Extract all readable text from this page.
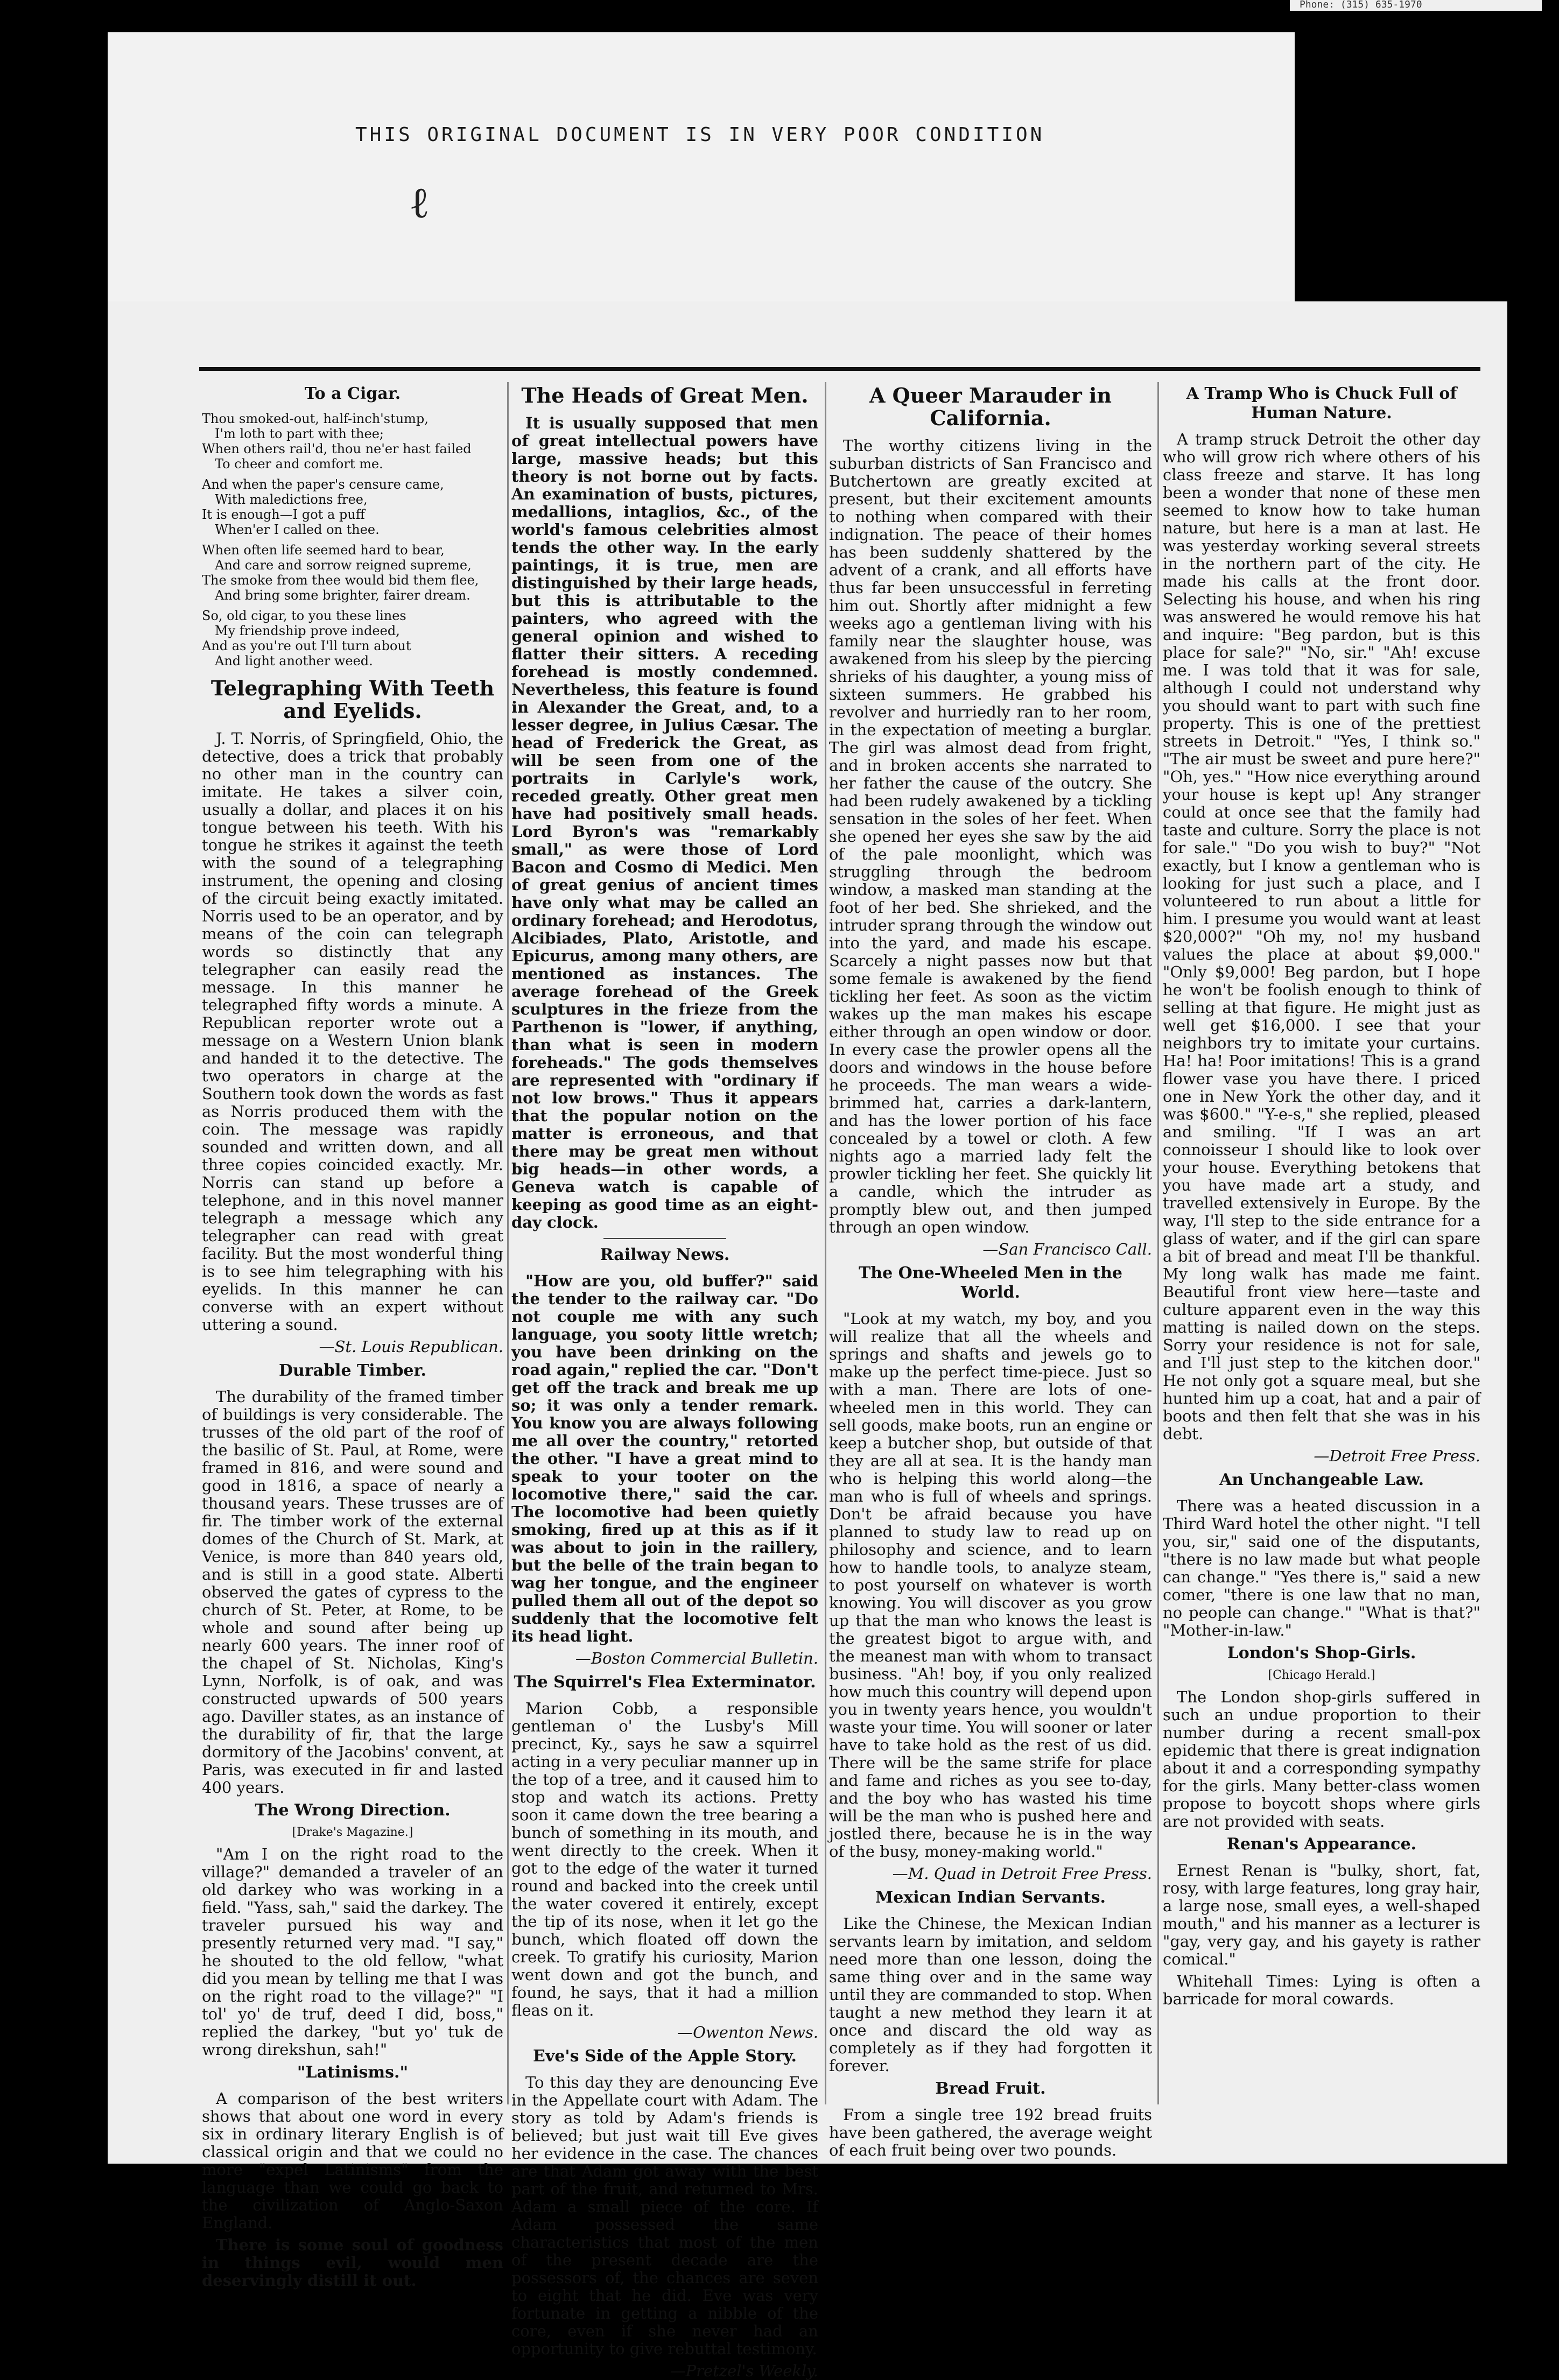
Phone: (315) 635-1970
THIS ORIGINAL DOCUMENT IS IN VERY POOR CONDITION
ℓ
To a Cigar.
Thou smoked-out, half-inch'stump,
I'm loth to part with thee;
When others rail'd, thou ne'er hast failed
To cheer and comfort me.
And when the paper's censure came,
With maledictions free,
It is enough—I got a puff
When'er I called on thee.
When often life seemed hard to bear,
And care and sorrow reigned supreme,
The smoke from thee would bid them flee,
And bring some brighter, fairer dream.
So, old cigar, to you these lines
My friendship prove indeed,
And as you're out I'll turn about
And light another weed.
Telegraphing With Teeth and Eyelids.

J. T. Norris, of Springfield, Ohio, the detective, does a trick that probably no other man in the country can imitate. He takes a silver coin, usually a dollar, and places it on his tongue between his teeth. With his tongue he strikes it against the teeth with the sound of a telegraphing instrument, the opening and closing of the circuit being exactly imitated. Norris used to be an operator, and by means of the coin can telegraph words so distinctly that any telegrapher can easily read the message. In this manner he telegraphed fifty words a minute. A Republican reporter wrote out a message on a Western Union blank and handed it to the detective. The two operators in charge at the Southern took down the words as fast as Norris produced them with the coin. The message was rapidly sounded and written down, and all three copies coincided exactly. Mr. Norris can stand up before a telephone, and in this novel manner telegraph a message which any telegrapher can read with great facility. But the most wonderful thing is to see him telegraphing with his eyelids. In this manner he can converse with an expert without uttering a sound.

—St. Louis Republican.
Durable Timber.

The durability of the framed timber of buildings is very considerable. The trusses of the old part of the roof of the basilic of St. Paul, at Rome, were framed in 816, and were sound and good in 1816, a space of nearly a thousand years. These trusses are of fir. The timber work of the external domes of the Church of St. Mark, at Venice, is more than 840 years old, and is still in a good state. Alberti observed the gates of cypress to the church of St. Peter, at Rome, to be whole and sound after being up nearly 600 years. The inner roof of the chapel of St. Nicholas, King's Lynn, Norfolk, is of oak, and was constructed upwards of 500 years ago. Daviller states, as an instance of the durability of fir, that the large dormitory of the Jacobins' convent, at Paris, was executed in fir and lasted 400 years.

The Wrong Direction.
[Drake's Magazine.]

"Am I on the right road to the village?" demanded a traveler of an old darkey who was working in a field. "Yass, sah," said the darkey. The traveler pursued his way and presently returned very mad. "I say," he shouted to the old fellow, "what did you mean by telling me that I was on the right road to the village?" "I tol' yo' de truf, deed I did, boss," replied the darkey, "but yo' tuk de wrong direkshun, sah!"

"Latinisms."

A comparison of the best writers shows that about one word in every six in ordinary literary English is of classical origin and that we could no more "expel Latinisms" from the language than we could go back to the civilization of Anglo-Saxon England.

There is some soul of goodness in things evil, would men deservingly distill it out.

The Heads of Great Men.

It is usually supposed that men of great intellectual powers have large, massive heads; but this theory is not borne out by facts. An examination of busts, pictures, medallions, intaglios, &c., of the world's famous celebrities almost tends the other way. In the early paintings, it is true, men are distinguished by their large heads, but this is attributable to the painters, who agreed with the general opinion and wished to flatter their sitters. A receding forehead is mostly condemned. Nevertheless, this feature is found in Alexander the Great, and, to a lesser degree, in Julius Cæsar. The head of Frederick the Great, as will be seen from one of the portraits in Carlyle's work, receded greatly. Other great men have had positively small heads. Lord Byron's was "remarkably small," as were those of Lord Bacon and Cosmo di Medici. Men of great genius of ancient times have only what may be called an ordinary forehead; and Herodotus, Alcibiades, Plato, Aristotle, and Epicurus, among many others, are mentioned as instances. The average forehead of the Greek sculptures in the frieze from the Parthenon is "lower, if anything, than what is seen in modern foreheads." The gods themselves are represented with "ordinary if not low brows." Thus it appears that the popular notion on the matter is erroneous, and that there may be great men without big heads—in other words, a Geneva watch is capable of keeping as good time as an eight-day clock.

Railway News.

"How are you, old buffer?" said the tender to the railway car. "Do not couple me with any such language, you sooty little wretch; you have been drinking on the road again," replied the car. "Don't get off the track and break me up so; it was only a tender remark. You know you are always following me all over the country," retorted the other. "I have a great mind to speak to your tooter on the locomotive there," said the car. The locomotive had been quietly smoking, fired up at this as if it was about to join in the raillery, but the belle of the train began to wag her tongue, and the engineer pulled them all out of the depot so suddenly that the locomotive felt its head light.

—Boston Commercial Bulletin.
The Squirrel's Flea Exterminator.

Marion Cobb, a responsible gentleman o' the Lusby's Mill precinct, Ky., says he saw a squirrel acting in a very peculiar manner up in the top of a tree, and it caused him to stop and watch its actions. Pretty soon it came down the tree bearing a bunch of something in its mouth, and went directly to the creek. When it got to the edge of the water it turned round and backed into the creek until the water covered it entirely, except the tip of its nose, when it let go the bunch, which floated off down the creek. To gratify his curiosity, Marion went down and got the bunch, and found, he says, that it had a million fleas on it.

—Owenton News.
Eve's Side of the Apple Story.

To this day they are denouncing Eve in the Appellate court with Adam. The story as told by Adam's friends is believed; but just wait till Eve gives her evidence in the case. The chances are that Adam got away with the best part of the fruit, and returned to Mrs. Adam a small piece of the core. If Adam possessed the same characteristics that most of the men of the present decade are the possessors of, the chances are seven to eight that he did. Eve was very fortunate in getting a nibble of the core, even if she never had an opportunity to give rebuttal testimony.

—Pretzel's Weekly.
A Queer Marauder in California.

The worthy citizens living in the suburban districts of San Francisco and Butchertown are greatly excited at present, but their excitement amounts to nothing when compared with their indignation. The peace of their homes has been suddenly shattered by the advent of a crank, and all efforts have thus far been unsuccessful in ferreting him out. Shortly after midnight a few weeks ago a gentleman living with his family near the slaughter house, was awakened from his sleep by the piercing shrieks of his daughter, a young miss of sixteen summers. He grabbed his revolver and hurriedly ran to her room, in the expectation of meeting a burglar. The girl was almost dead from fright, and in broken accents she narrated to her father the cause of the outcry. She had been rudely awakened by a tickling sensation in the soles of her feet. When she opened her eyes she saw by the aid of the pale moonlight, which was struggling through the bedroom window, a masked man standing at the foot of her bed. She shrieked, and the intruder sprang through the window out into the yard, and made his escape. Scarcely a night passes now but that some female is awakened by the fiend tickling her feet. As soon as the victim wakes up the man makes his escape either through an open window or door. In every case the prowler opens all the doors and windows in the house before he proceeds. The man wears a wide-brimmed hat, carries a dark-lantern, and has the lower portion of his face concealed by a towel or cloth. A few nights ago a married lady felt the prowler tickling her feet. She quickly lit a candle, which the intruder as promptly blew out, and then jumped through an open window.

—San Francisco Call.
The One-Wheeled Men in the World.

"Look at my watch, my boy, and you will realize that all the wheels and springs and shafts and jewels go to make up the perfect time-piece. Just so with a man. There are lots of one-wheeled men in this world. They can sell goods, make boots, run an engine or keep a butcher shop, but outside of that they are all at sea. It is the handy man who is helping this world along—the man who is full of wheels and springs. Don't be afraid because you have planned to study law to read up on philosophy and science, and to learn how to handle tools, to analyze steam, to post yourself on whatever is worth knowing. You will discover as you grow up that the man who knows the least is the greatest bigot to argue with, and the meanest man with whom to transact business. "Ah! boy, if you only realized how much this country will depend upon you in twenty years hence, you wouldn't waste your time. You will sooner or later have to take hold as the rest of us did. There will be the same strife for place and fame and riches as you see to-day, and the boy who has wasted his time will be the man who is pushed here and jostled there, because he is in the way of the busy, money-making world."

—M. Quad in Detroit Free Press.
Mexican Indian Servants.

Like the Chinese, the Mexican Indian servants learn by imitation, and seldom need more than one lesson, doing the same thing over and in the same way until they are commanded to stop. When taught a new method they learn it at once and discard the old way as completely as if they had forgotten it forever.

Bread Fruit.

From a single tree 192 bread fruits have been gathered, the average weight of each fruit being over two pounds.

A Tramp Who is Chuck Full of Human Nature.

A tramp struck Detroit the other day who will grow rich where others of his class freeze and starve. It has long been a wonder that none of these men seemed to know how to take human nature, but here is a man at last. He was yesterday working several streets in the northern part of the city. He made his calls at the front door. Selecting his house, and when his ring was answered he would remove his hat and inquire: "Beg pardon, but is this place for sale?" "No, sir." "Ah! excuse me. I was told that it was for sale, although I could not understand why you should want to part with such fine property. This is one of the prettiest streets in Detroit." "Yes, I think so." "The air must be sweet and pure here?" "Oh, yes." "How nice everything around your house is kept up! Any stranger could at once see that the family had taste and culture. Sorry the place is not for sale." "Do you wish to buy?" "Not exactly, but I know a gentleman who is looking for just such a place, and I volunteered to run about a little for him. I presume you would want at least $20,000?" "Oh my, no! my husband values the place at about $9,000." "Only $9,000! Beg pardon, but I hope he won't be foolish enough to think of selling at that figure. He might just as well get $16,000. I see that your neighbors try to imitate your curtains. Ha! ha! Poor imitations! This is a grand flower vase you have there. I priced one in New York the other day, and it was $600." "Y-e-s," she replied, pleased and smiling. "If I was an art connoisseur I should like to look over your house. Everything betokens that you have made art a study, and travelled extensively in Europe. By the way, I'll step to the side entrance for a glass of water, and if the girl can spare a bit of bread and meat I'll be thankful. My long walk has made me faint. Beautiful front view here—taste and culture apparent even in the way this matting is nailed down on the steps. Sorry your residence is not for sale, and I'll just step to the kitchen door." He not only got a square meal, but she hunted him up a coat, hat and a pair of boots and then felt that she was in his debt.

—Detroit Free Press.
An Unchangeable Law.

There was a heated discussion in a Third Ward hotel the other night. "I tell you, sir," said one of the disputants, "there is no law made but what people can change." "Yes there is," said a new comer, "there is one law that no man, no people can change." "What is that?" "Mother-in-law."

London's Shop-Girls.
[Chicago Herald.]

The London shop-girls suffered in such an undue proportion to their number during a recent small-pox epidemic that there is great indignation about it and a corresponding sympathy for the girls. Many better-class women propose to boycott shops where girls are not provided with seats.

Renan's Appearance.

Ernest Renan is "bulky, short, fat, rosy, with large features, long gray hair, a large nose, small eyes, a well-shaped mouth," and his manner as a lecturer is "gay, very gay, and his gayety is rather comical."

Whitehall Times: Lying is often a barricade for moral cowards.
